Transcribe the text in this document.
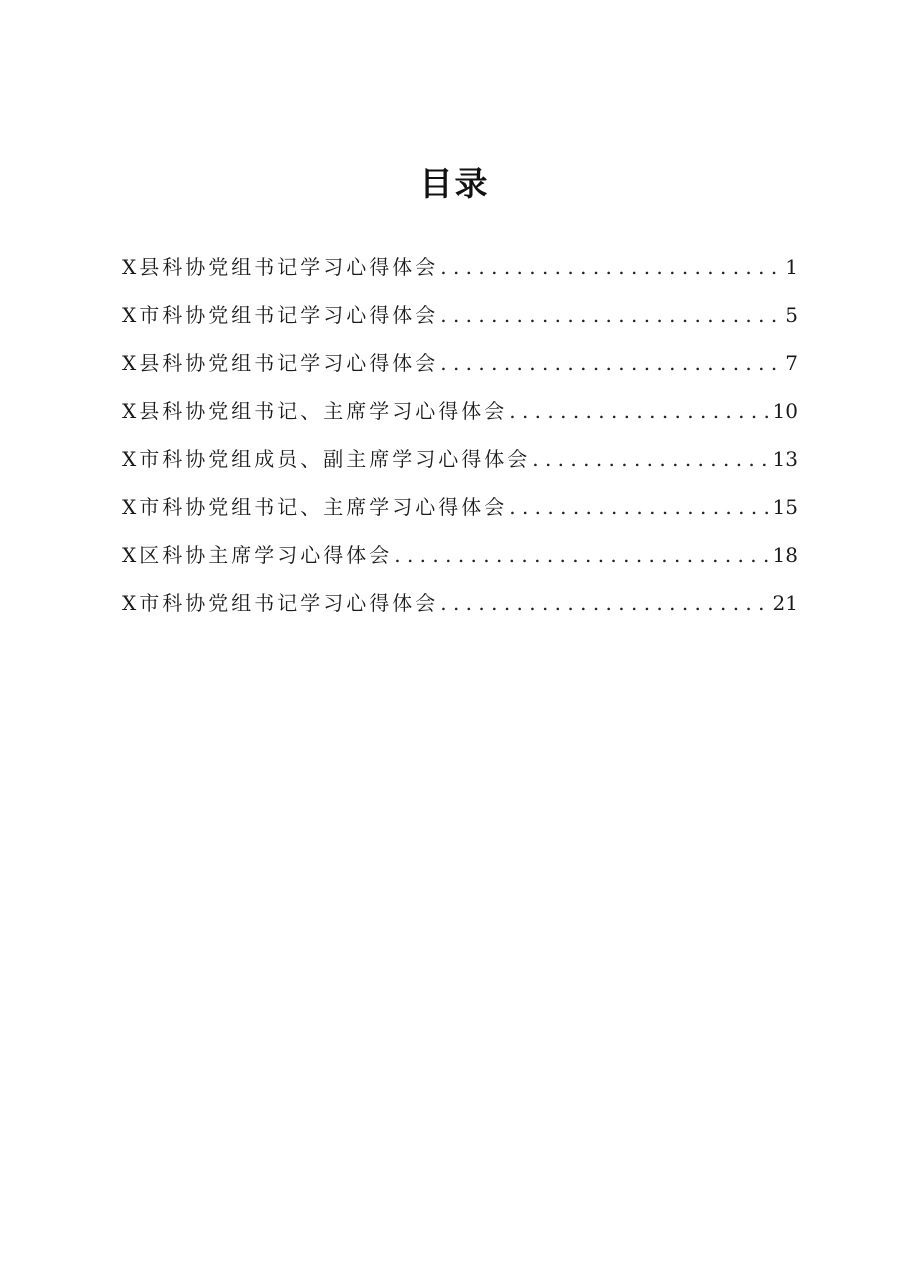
目录
X县科协党组书记学习心得体会 . . .	1
X市科协党组书记学习心得体会 . . .	5
X县科协党组书记学习心得体会 . . .	7
X县科协党组书记、主席学习心得体会 . . .	10
X市科协党组成员、副主席学习心得体会 . . .	13
X市科协党组书记、主席学习心得体会 . . .	15
X区科协主席学习心得体会 . . .	18
X市科协党组书记学习心得体会 . . .	21
